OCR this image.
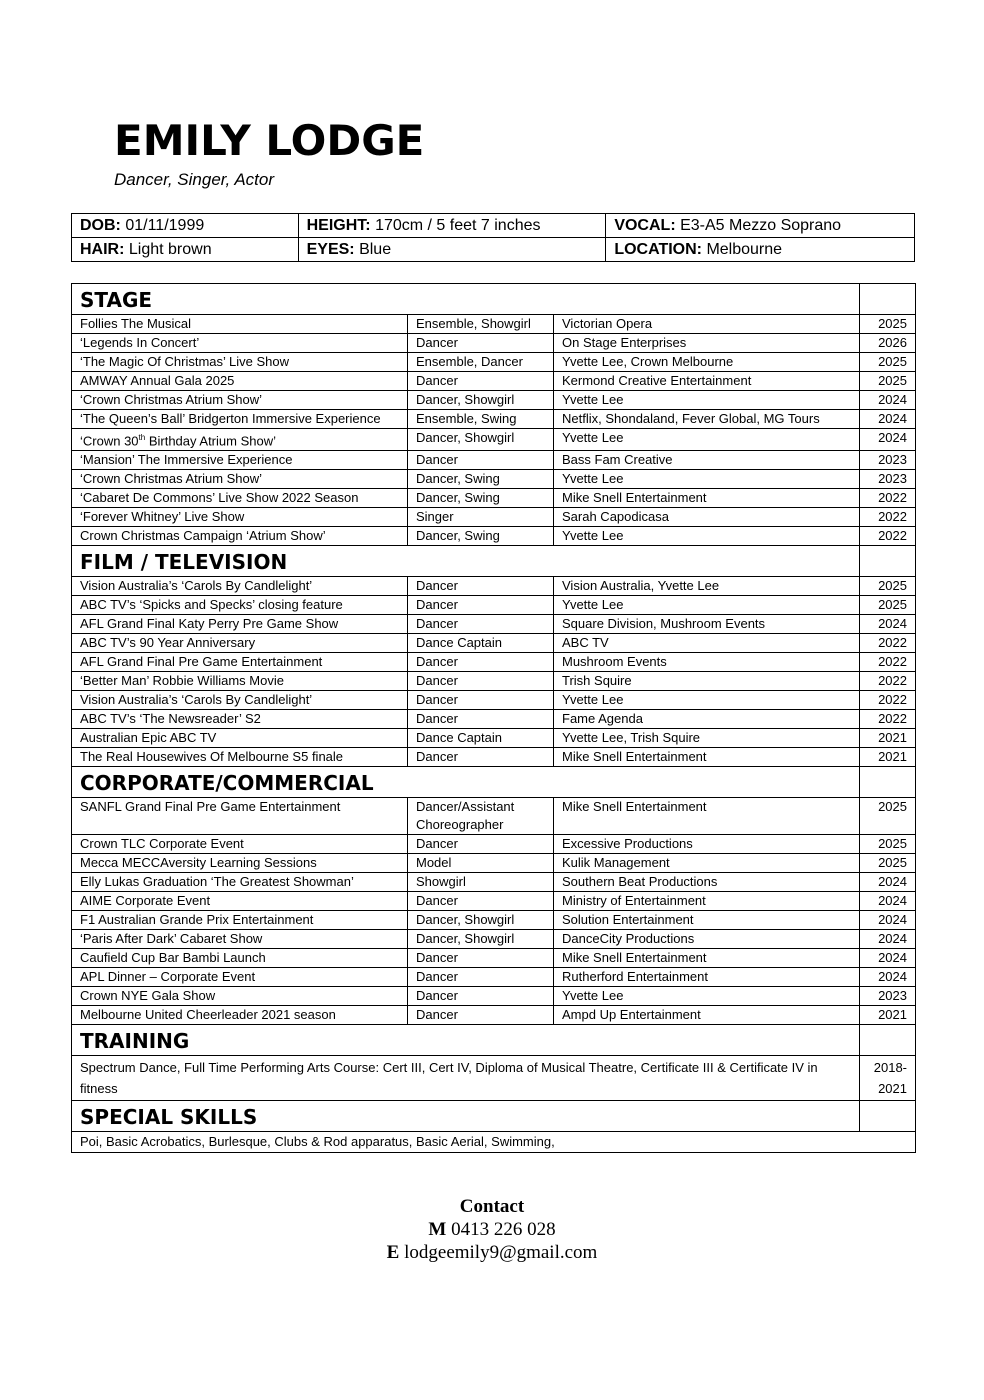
EMILY LODGE
Dancer, Singer, Actor
DOB: 01/11/1999	HEIGHT: 170cm / 5 feet 7 inches	VOCAL: E3-A5 Mezzo Soprano
HAIR: Light brown	EYES: Blue	LOCATION: Melbourne
STAGE			
Follies The Musical	Ensemble, Showgirl	Victorian Opera	2025
‘Legends In Concert’	Dancer	On Stage Enterprises	2026
‘The Magic Of Christmas’ Live Show	Ensemble, Dancer	Yvette Lee, Crown Melbourne	2025
AMWAY Annual Gala 2025	Dancer	Kermond Creative Entertainment	2025
‘Crown Christmas Atrium Show’	Dancer, Showgirl	Yvette Lee	2024
‘The Queen’s Ball’ Bridgerton Immersive Experience	Ensemble, Swing	Netflix, Shondaland, Fever Global, MG Tours	2024
‘Crown 30th Birthday Atrium Show’	Dancer, Showgirl	Yvette Lee	2024
‘Mansion’ The Immersive Experience	Dancer	Bass Fam Creative	2023
‘Crown Christmas Atrium Show’	Dancer, Swing	Yvette Lee	2023
‘Cabaret De Commons’ Live Show 2022 Season	Dancer, Swing	Mike Snell Entertainment	2022
‘Forever Whitney’ Live Show	Singer	Sarah Capodicasa	2022
Crown Christmas Campaign ‘Atrium Show’	Dancer, Swing	Yvette Lee	2022
FILM / TELEVISION			
Vision Australia’s ‘Carols By Candlelight’	Dancer	Vision Australia, Yvette Lee	2025
ABC TV’s ‘Spicks and Specks’ closing feature	Dancer	Yvette Lee	2025
AFL Grand Final Katy Perry Pre Game Show	Dancer	Square Division, Mushroom Events	2024
ABC TV’s 90 Year Anniversary	Dance Captain	ABC TV	2022
AFL Grand Final Pre Game Entertainment	Dancer	Mushroom Events	2022
‘Better Man’ Robbie Williams Movie	Dancer	Trish Squire	2022
Vision Australia’s ‘Carols By Candlelight’	Dancer	Yvette Lee	2022
ABC TV’s ‘The Newsreader’ S2	Dancer	Fame Agenda	2022
Australian Epic ABC TV	Dance Captain	Yvette Lee, Trish Squire	2021
The Real Housewives Of Melbourne S5 finale	Dancer	Mike Snell Entertainment	2021
CORPORATE/COMMERCIAL			
SANFL Grand Final Pre Game Entertainment	Dancer/Assistant Choreographer	Mike Snell Entertainment	2025
Crown TLC Corporate Event	Dancer	Excessive Productions	2025
Mecca MECCAversity Learning Sessions	Model	Kulik Management	2025
Elly Lukas Graduation ‘The Greatest Showman’	Showgirl	Southern Beat Productions	2024
AIME Corporate Event	Dancer	Ministry of Entertainment	2024
F1 Australian Grande Prix Entertainment	Dancer, Showgirl	Solution Entertainment	2024
‘Paris After Dark’ Cabaret Show	Dancer, Showgirl	DanceCity Productions	2024
Caufield Cup Bar Bambi Launch	Dancer	Mike Snell Entertainment	2024
APL Dinner – Corporate Event	Dancer	Rutherford Entertainment	2024
Crown NYE Gala Show	Dancer	Yvette Lee	2023
Melbourne United Cheerleader 2021 season	Dancer	Ampd Up Entertainment	2021
TRAINING			
Spectrum Dance, Full Time Performing Arts Course: Cert III, Cert IV, Diploma of Musical Theatre, Certificate III & Certificate IV in fitness			2018-
2021
SPECIAL SKILLS			
Poi, Basic Acrobatics, Burlesque, Clubs & Rod apparatus, Basic Aerial, Swimming,			
Contact
M 0413 226 028
E lodgeemily9@gmail.com
